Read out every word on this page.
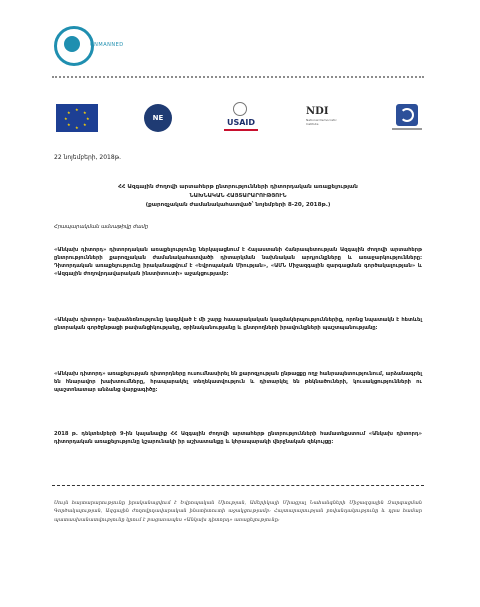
UNMANNED
★
★
★
★
★
★
★
★
NE	USAID
NDI
National Democratic Institute
22 նոյեմբերի, 2018թ.
ՀՀ Ազգային ժողովի արտահերթ ընտրությունների դիտորդական առաքելության
ՆԱԽՆԱԿԱՆ ՀԱՅՏԱՐԱՐՈՒԹՅՈՒՆ
(քարոզչական ժամանակահատված՝ նոյեմբերի 8-20, 2018թ.)
Հրապարակման ամսաթիվը ժամը
«Անկախ դիտորդ» դիտորդական առաքելությունը ներկայացնում է Հայաստանի Հանրապետության Ազգային ժողովի արտահերթ ընտրությունների քարոզչական ժամանակահատվածի դիտարկման նախնական արդյունքները և առաջարկությունները։ Դիտորդական առաքելությունը իրականացվում է «Եվրոպական Միության», «ԱՄՆ Միջազգային զարգացման գործակալության» և «Ազգային ժողովրդավարական ինստիտուտի» աջակցությամբ։
«Անկախ դիտորդ» նախաձեռնությունը կազմված է մի շարք հասարակական կազմակերպություններից, որոնց նպատակն է հետևել ընտրական գործընթացի թափանցիկությանը, օրինականությանը և ընտրողների իրավունքների պաշտպանությանը։
«Անկախ դիտորդ» առաքելության դիտորդները ուսումնասիրել են քարոզչության ընթացքը ողջ հանրապետությունում, արձանագրել են հնարավոր խախտումները, հրապարակել տեղեկատվություն և դիտարկել են թեկնածուների, կուսակցությունների ու պաշտոնատար անձանց վարքագիծը։
2018 թ. դեկտեմբերի 9-ին կայանալիք ՀՀ Ազգային ժողովի արտահերթ ընտրությունների համատեքստում «Անկախ դիտորդ» դիտորդական առաքելությունը կշարունակի իր աշխատանքը և կհրապարակի վերջնական զեկույցը։
Սույն հայտարարությունը իրականացվում է Եվրոպական Միության, Ամերիկայի Միացյալ Նահանգների Միջազգային Զարգացման Գործակալության, Ազգային ժողովրդավարական ինստիտուտի աջակցությամբ։ Հայտարարության բովանդակությունը և դրա համար պատասխանատվությունը կրում է բացառապես «Անկախ դիտորդ» առաքելությունը։
